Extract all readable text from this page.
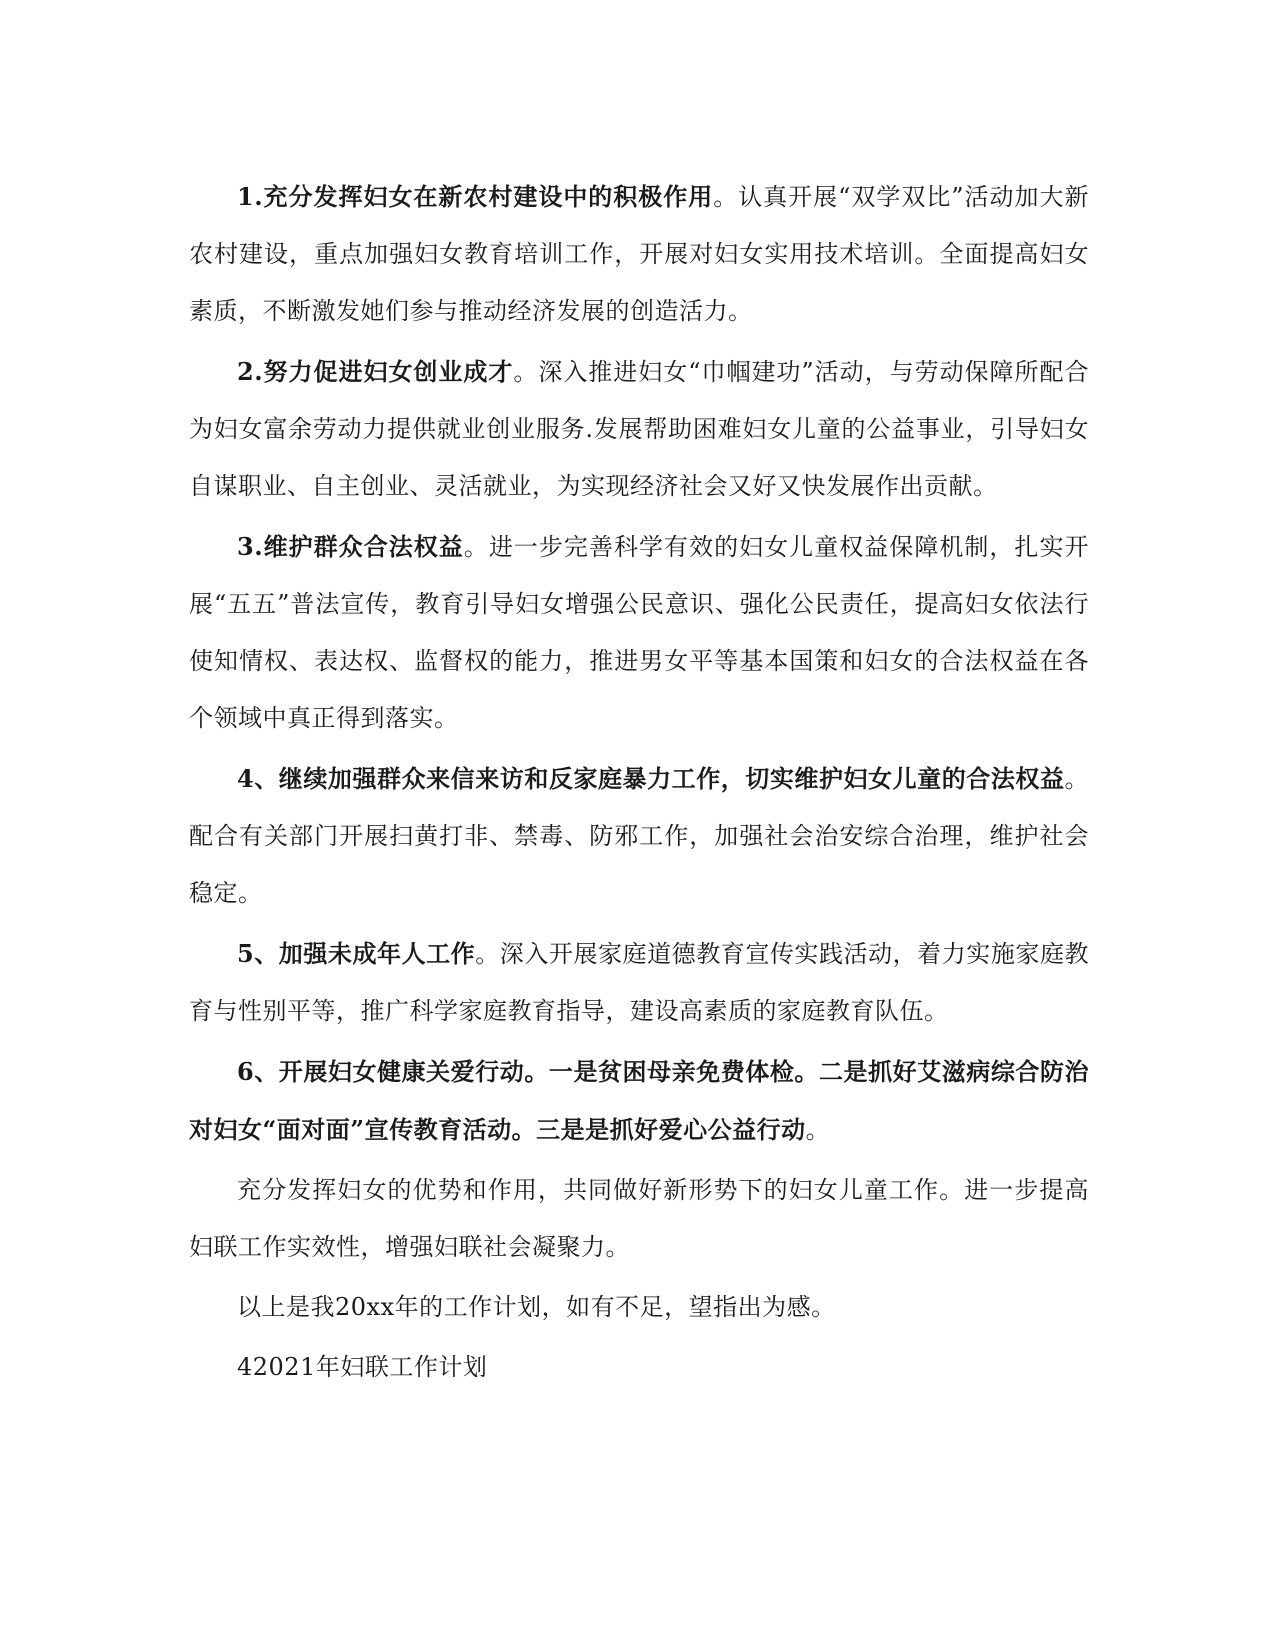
1.充分发挥妇女在新农村建设中的积极作用。认真开展“双学双比”活动加大新农村建设，重点加强妇女教育培训工作，开展对妇女实用技术培训。全面提高妇女素质，不断激发她们参与推动经济发展的创造活力。

2.努力促进妇女创业成才。深入推进妇女“巾帼建功”活动，与劳动保障所配合为妇女富余劳动力提供就业创业服务.发展帮助困难妇女儿童的公益事业，引导妇女自谋职业、自主创业、灵活就业，为实现经济社会又好又快发展作出贡献。

3.维护群众合法权益。进一步完善科学有效的妇女儿童权益保障机制，扎实开展“五五”普法宣传，教育引导妇女增强公民意识、强化公民责任，提高妇女依法行使知情权、表达权、监督权的能力，推进男女平等基本国策和妇女的合法权益在各个领域中真正得到落实。

4、继续加强群众来信来访和反家庭暴力工作，切实维护妇女儿童的合法权益。配合有关部门开展扫黄打非、禁毒、防邪工作，加强社会治安综合治理，维护社会稳定。

5、加强未成年人工作。深入开展家庭道德教育宣传实践活动，着力实施家庭教育与性别平等，推广科学家庭教育指导，建设高素质的家庭教育队伍。

6、开展妇女健康关爱行动。一是贫困母亲免费体检。二是抓好艾滋病综合防治对妇女“面对面”宣传教育活动。三是是抓好爱心公益行动。

充分发挥妇女的优势和作用，共同做好新形势下的妇女儿童工作。进一步提高妇联工作实效性，增强妇联社会凝聚力。

以上是我20xx年的工作计划，如有不足，望指出为感。

42021年妇联工作计划
